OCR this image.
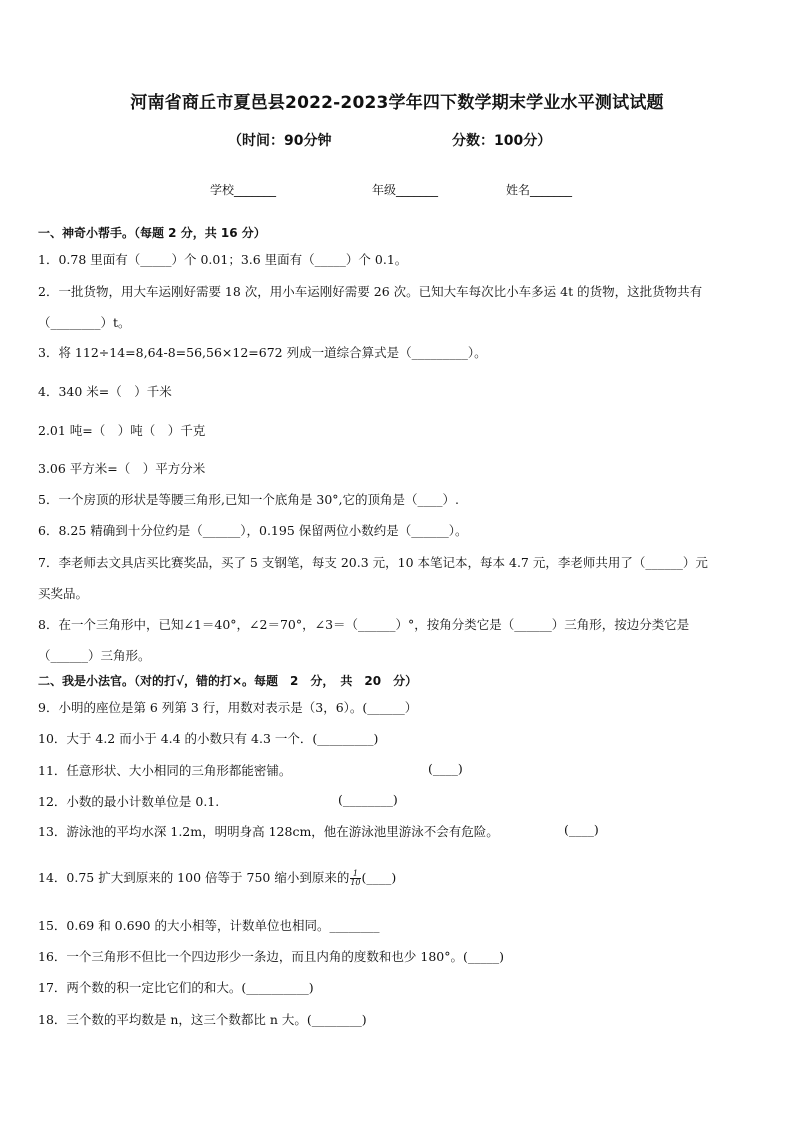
河南省商丘市夏邑县2022-2023学年四下数学期末学业水平测试试题
（时间：90分钟	分数：100分）
学校_______	年级_______	姓名_______
一、神奇小帮手。（每题 2 分，共 16 分）
1．0.78 里面有（_____）个 0.01；3.6 里面有（_____）个 0.1。
2．一批货物，用大车运刚好需要 18 次，用小车运刚好需要 26 次。已知大车每次比小车多运 4t 的货物，这批货物共有
（________）t。
3．将 112÷14=8,64-8=56,56×12=672 列成一道综合算式是（_________）。
4．340 米=（　）千米
2.01 吨=（　）吨（　）千克
3.06 平方米=（　）平方分米
5．一个房顶的形状是等腰三角形,已知一个底角是 30°,它的顶角是（____）.
6．8.25 精确到十分位约是（______），0.195 保留两位小数约是（______）。
7．李老师去文具店买比赛奖品，买了 5 支钢笔，每支 20.3 元，10 本笔记本，每本 4.7 元，李老师共用了（______）元
买奖品。
8．在一个三角形中，已知∠1＝40°，∠2＝70°，∠3＝（______）°，按角分类它是（______）三角形，按边分类它是
（______）三角形。
二、我是小法官。（对的打√，错的打×。每题　2　分，　共　20　分）
9．小明的座位是第 6 列第 3 行，用数对表示是（3，6）。(______）
10．大于 4.2 而小于 4.4 的小数只有 4.3 一个．(_________)
11．任意形状、大小相同的三角形都能密铺。	(____)
12．小数的最小计数单位是 0.1.	(________)
13．游泳池的平均水深 1.2m，明明身高 128cm，他在游泳池里游泳不会有危险。	(____)
14．0.75 扩大到原来的 100 倍等于 750 缩小到原来的 $\frac{1}{10}$ (____)
15．0.69 和 0.690 的大小相等，计数单位也相同。________
16．一个三角形不但比一个四边形少一条边，而且内角的度数和也少 180°。(_____)
17．两个数的积一定比它们的和大。(__________)
18．三个数的平均数是 n，这三个数都比 n 大。(________)
